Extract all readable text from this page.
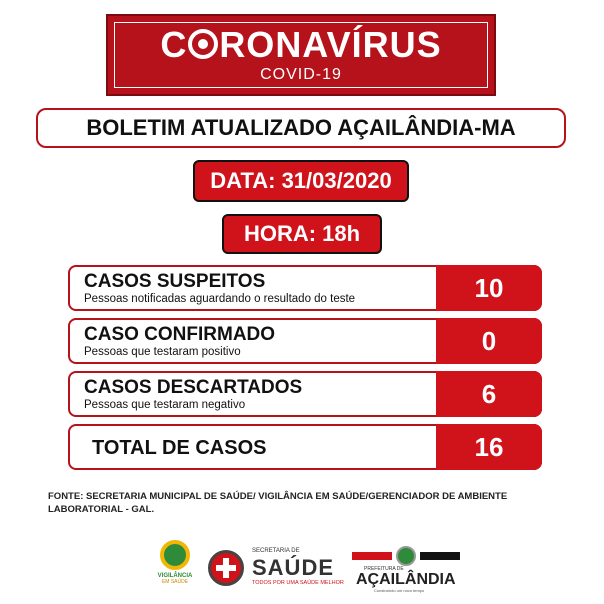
C RONAVÍRUS
COVID-19
BOLETIM ATUALIZADO AÇAILÂNDIA-MA
DATA: 31/03/2020
HORA: 18h
CASOS SUSPEITOS
Pessoas notificadas aguardando o resultado do teste	10
CASO CONFIRMADO
Pessoas que testaram positivo	0
CASOS DESCARTADOS
Pessoas que testaram negativo	6
TOTAL DE CASOS	16
FONTE: SECRETARIA MUNICIPAL DE SAÚDE/ VIGILÂNCIA EM SAÚDE/GERENCIADOR DE AMBIENTE LABORATORIAL - GAL.
VIGILÂNCIA
EM SAÚDE
SECRETARIA DE
SAÚDE
TODOS POR UMA SAÚDE MELHOR
PREFEITURA DE
AÇAILÂNDIA
Construindo um novo tempo
